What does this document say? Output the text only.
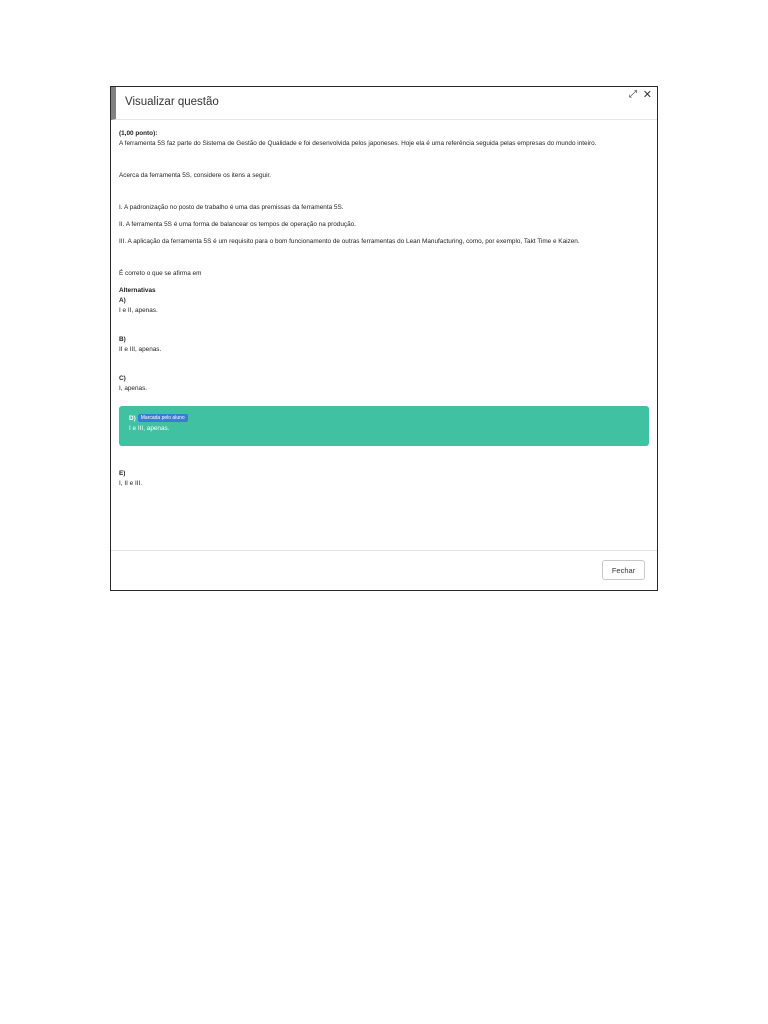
Visualizar questão
⤢ ✕

(1,00 ponto):

A ferramenta 5S faz parte do Sistema de Gestão de Qualidade e foi desenvolvida pelos japoneses. Hoje ela é uma referência seguida pelas empresas do mundo inteiro.

Acerca da ferramenta 5S, considere os itens a seguir.

I. A padronização no posto de trabalho é uma das premissas da ferramenta 5S.

II. A ferramenta 5S é uma forma de balancear os tempos de operação na produção.

III. A aplicação da ferramenta 5S é um requisito para o bom funcionamento de outras ferramentas do Lean Manufacturing, como, por exemplo, Takt Time e Kaizen.

É correto o que se afirma em

Alternativas

A)

I e II, apenas.

B)

II e III, apenas.

C)

I, apenas.

D) Marcada pelo aluno

I e III, apenas.

E)

I, II e III.

Fechar
